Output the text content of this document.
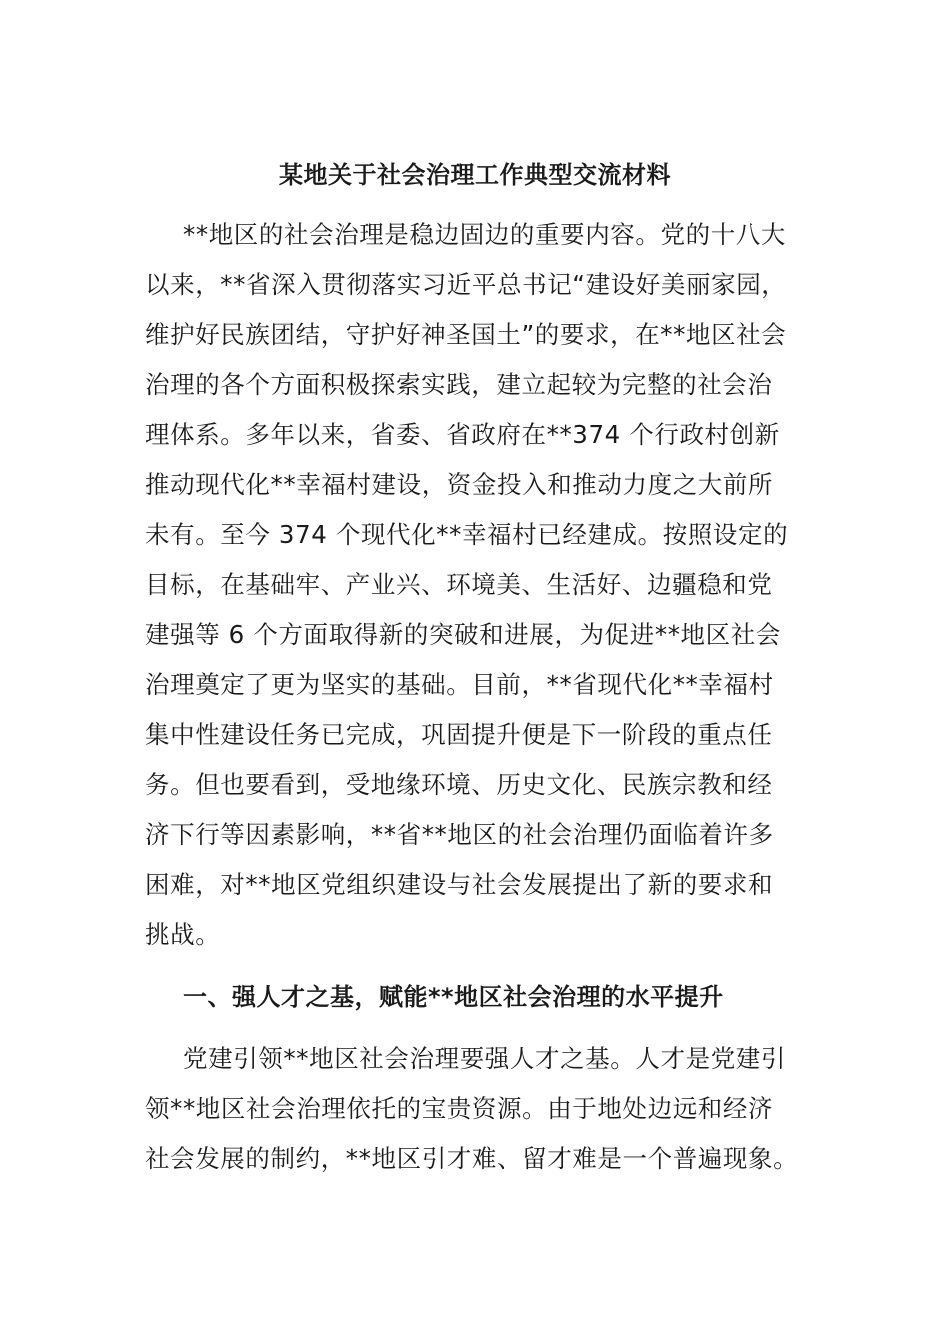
某地关于社会治理工作典型交流材料
**地区的社会治理是稳边固边的重要内容。党的十八大
以来，**省深入贯彻落实习近平总书记“建设好美丽家园，
维护好民族团结，守护好神圣国土”的要求，在**地区社会
治理的各个方面积极探索实践，建立起较为完整的社会治
理体系。多年以来，省委、省政府在**374 个行政村创新
推动现代化**幸福村建设，资金投入和推动力度之大前所
未有。至今 374 个现代化**幸福村已经建成。按照设定的
目标，在基础牢、产业兴、环境美、生活好、边疆稳和党
建强等 6 个方面取得新的突破和进展，为促进**地区社会
治理奠定了更为坚实的基础。目前，**省现代化**幸福村
集中性建设任务已完成，巩固提升便是下一阶段的重点任
务。但也要看到，受地缘环境、历史文化、民族宗教和经
济下行等因素影响，**省**地区的社会治理仍面临着许多
困难，对**地区党组织建设与社会发展提出了新的要求和
挑战。
一、强人才之基，赋能**地区社会治理的水平提升
党建引领**地区社会治理要强人才之基。人才是党建引
领**地区社会治理依托的宝贵资源。由于地处边远和经济
社会发展的制约，**地区引才难、留才难是一个普遍现象。
